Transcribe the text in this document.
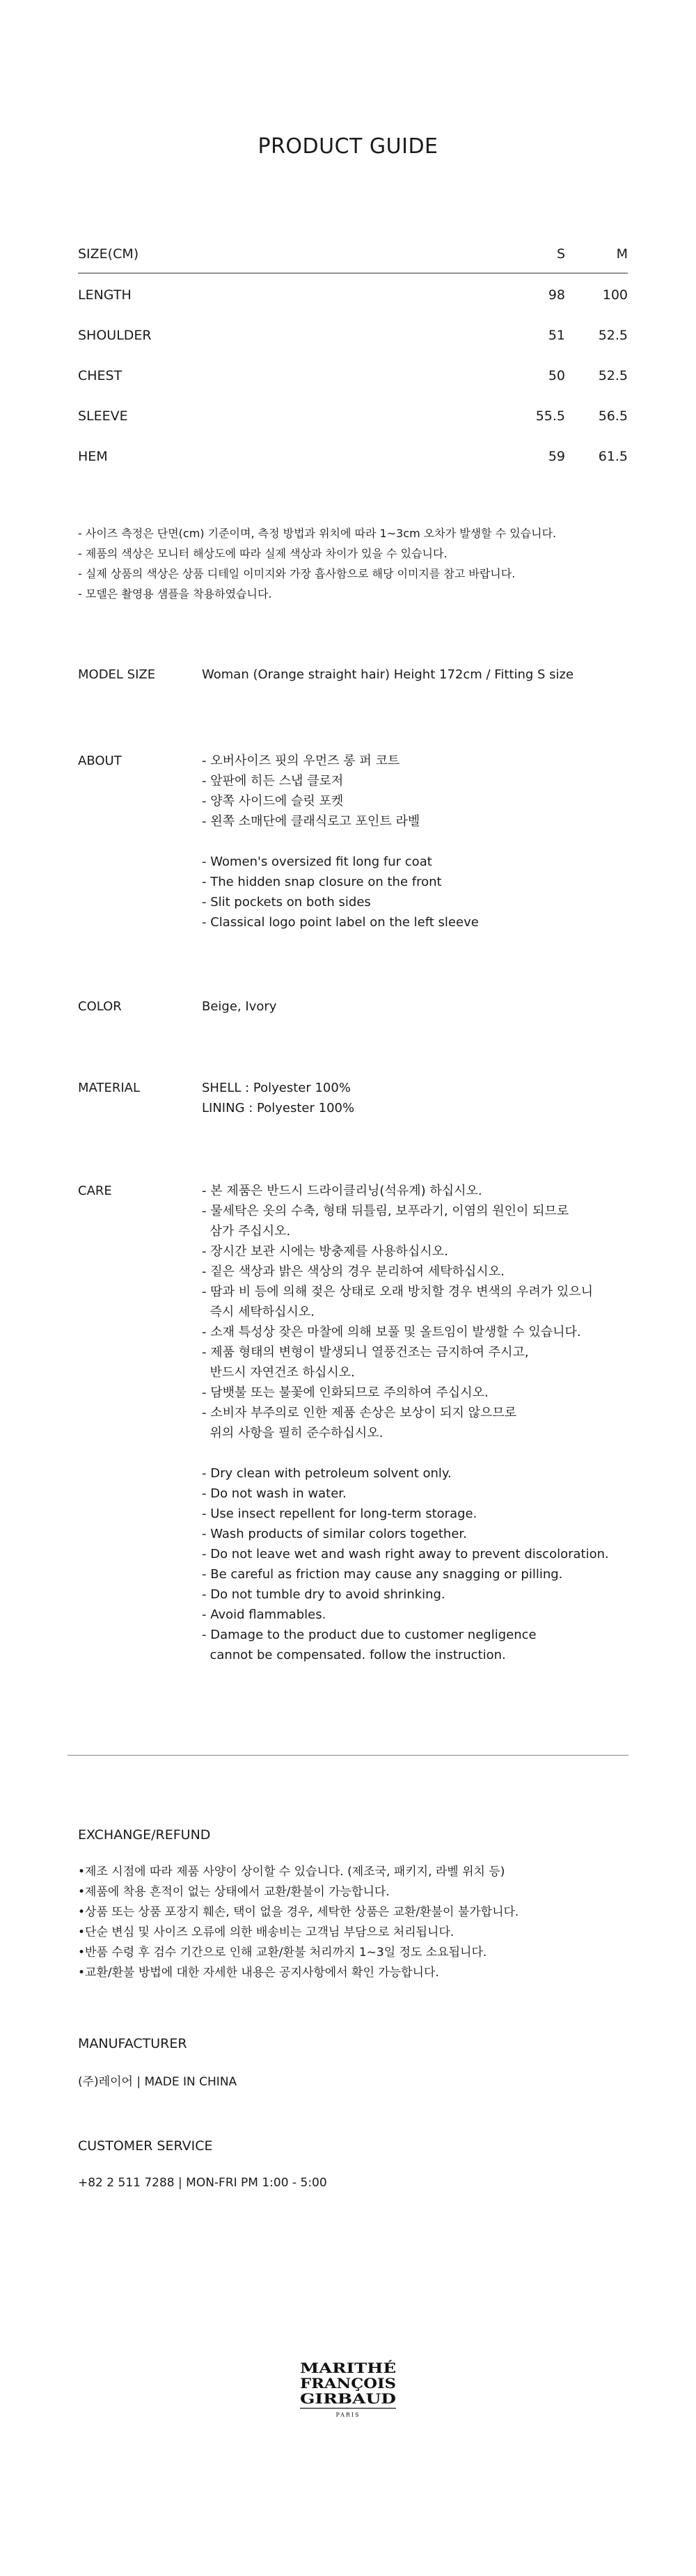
PRODUCT GUIDE
SIZE(CM)	S	M
LENGTH	98	100
SHOULDER	51	52.5
CHEST	50	52.5
SLEEVE	55.5	56.5
HEM	59	61.5
- 사이즈 측정은 단면(cm) 기준이며, 측정 방법과 위치에 따라 1~3cm 오차가 발생할 수 있습니다.
- 제품의 색상은 모니터 해상도에 따라 실제 색상과 차이가 있을 수 있습니다.
- 실제 상품의 색상은 상품 디테일 이미지와 가장 흡사함으로 해당 이미지를 참고 바랍니다.
- 모델은 촬영용 샘플을 착용하였습니다.
MODEL SIZE	Woman (Orange straight hair) Height 172cm / Fitting S size
ABOUT	- 오버사이즈 핏의 우먼즈 롱 퍼 코트
- 앞판에 히든 스냅 클로저
- 양쪽 사이드에 슬릿 포켓
- 왼쪽 소매단에 클래식로고 포인트 라벨
- Women's oversized fit long fur coat
- The hidden snap closure on the front
- Slit pockets on both sides
- Classical logo point label on the left sleeve
COLOR	Beige, Ivory
MATERIAL	SHELL : Polyester 100%
LINING : Polyester 100%
CARE	- 본 제품은 반드시 드라이클리닝(석유계) 하십시오.
- 물세탁은 옷의 수축, 형태 뒤틀림, 보푸라기, 이염의 원인이 되므로
삼가 주십시오.
- 장시간 보관 시에는 방충제를 사용하십시오.
- 짙은 색상과 밝은 색상의 경우 분리하여 세탁하십시오.
- 땀과 비 등에 의해 젖은 상태로 오래 방치할 경우 변색의 우려가 있으니
즉시 세탁하십시오.
- 소재 특성상 잦은 마찰에 의해 보풀 및 올트임이 발생할 수 있습니다.
- 제품 형태의 변형이 발생되니 열풍건조는 금지하여 주시고,
반드시 자연건조 하십시오.
- 담뱃불 또는 불꽃에 인화되므로 주의하여 주십시오.
- 소비자 부주의로 인한 제품 손상은 보상이 되지 않으므로
위의 사항을 필히 준수하십시오.
- Dry clean with petroleum solvent only.
- Do not wash in water.
- Use insect repellent for long-term storage.
- Wash products of similar colors together.
- Do not leave wet and wash right away to prevent discoloration.
- Be careful as friction may cause any snagging or pilling.
- Do not tumble dry to avoid shrinking.
- Avoid flammables.
- Damage to the product due to customer negligence
cannot be compensated. follow the instruction.
EXCHANGE/REFUND
•제조 시점에 따라 제품 사양이 상이할 수 있습니다. (제조국, 패키지, 라벨 위치 등)
•제품에 착용 흔적이 없는 상태에서 교환/환불이 가능합니다.
•상품 또는 상품 포장지 훼손, 택이 없을 경우, 세탁한 상품은 교환/환불이 불가합니다.
•단순 변심 및 사이즈 오류에 의한 배송비는 고객님 부담으로 처리됩니다.
•반품 수령 후 검수 기간으로 인해 교환/환불 처리까지 1~3일 정도 소요됩니다.
•교환/환불 방법에 대한 자세한 내용은 공지사항에서 확인 가능합니다.
MANUFACTURER
(주)레이어 | MADE IN CHINA
CUSTOMER SERVICE
+82 2 511 7288 | MON-FRI PM 1:00 - 5:00
MARITHÉ
FRANÇOIS
GIRBAUD
PARIS
